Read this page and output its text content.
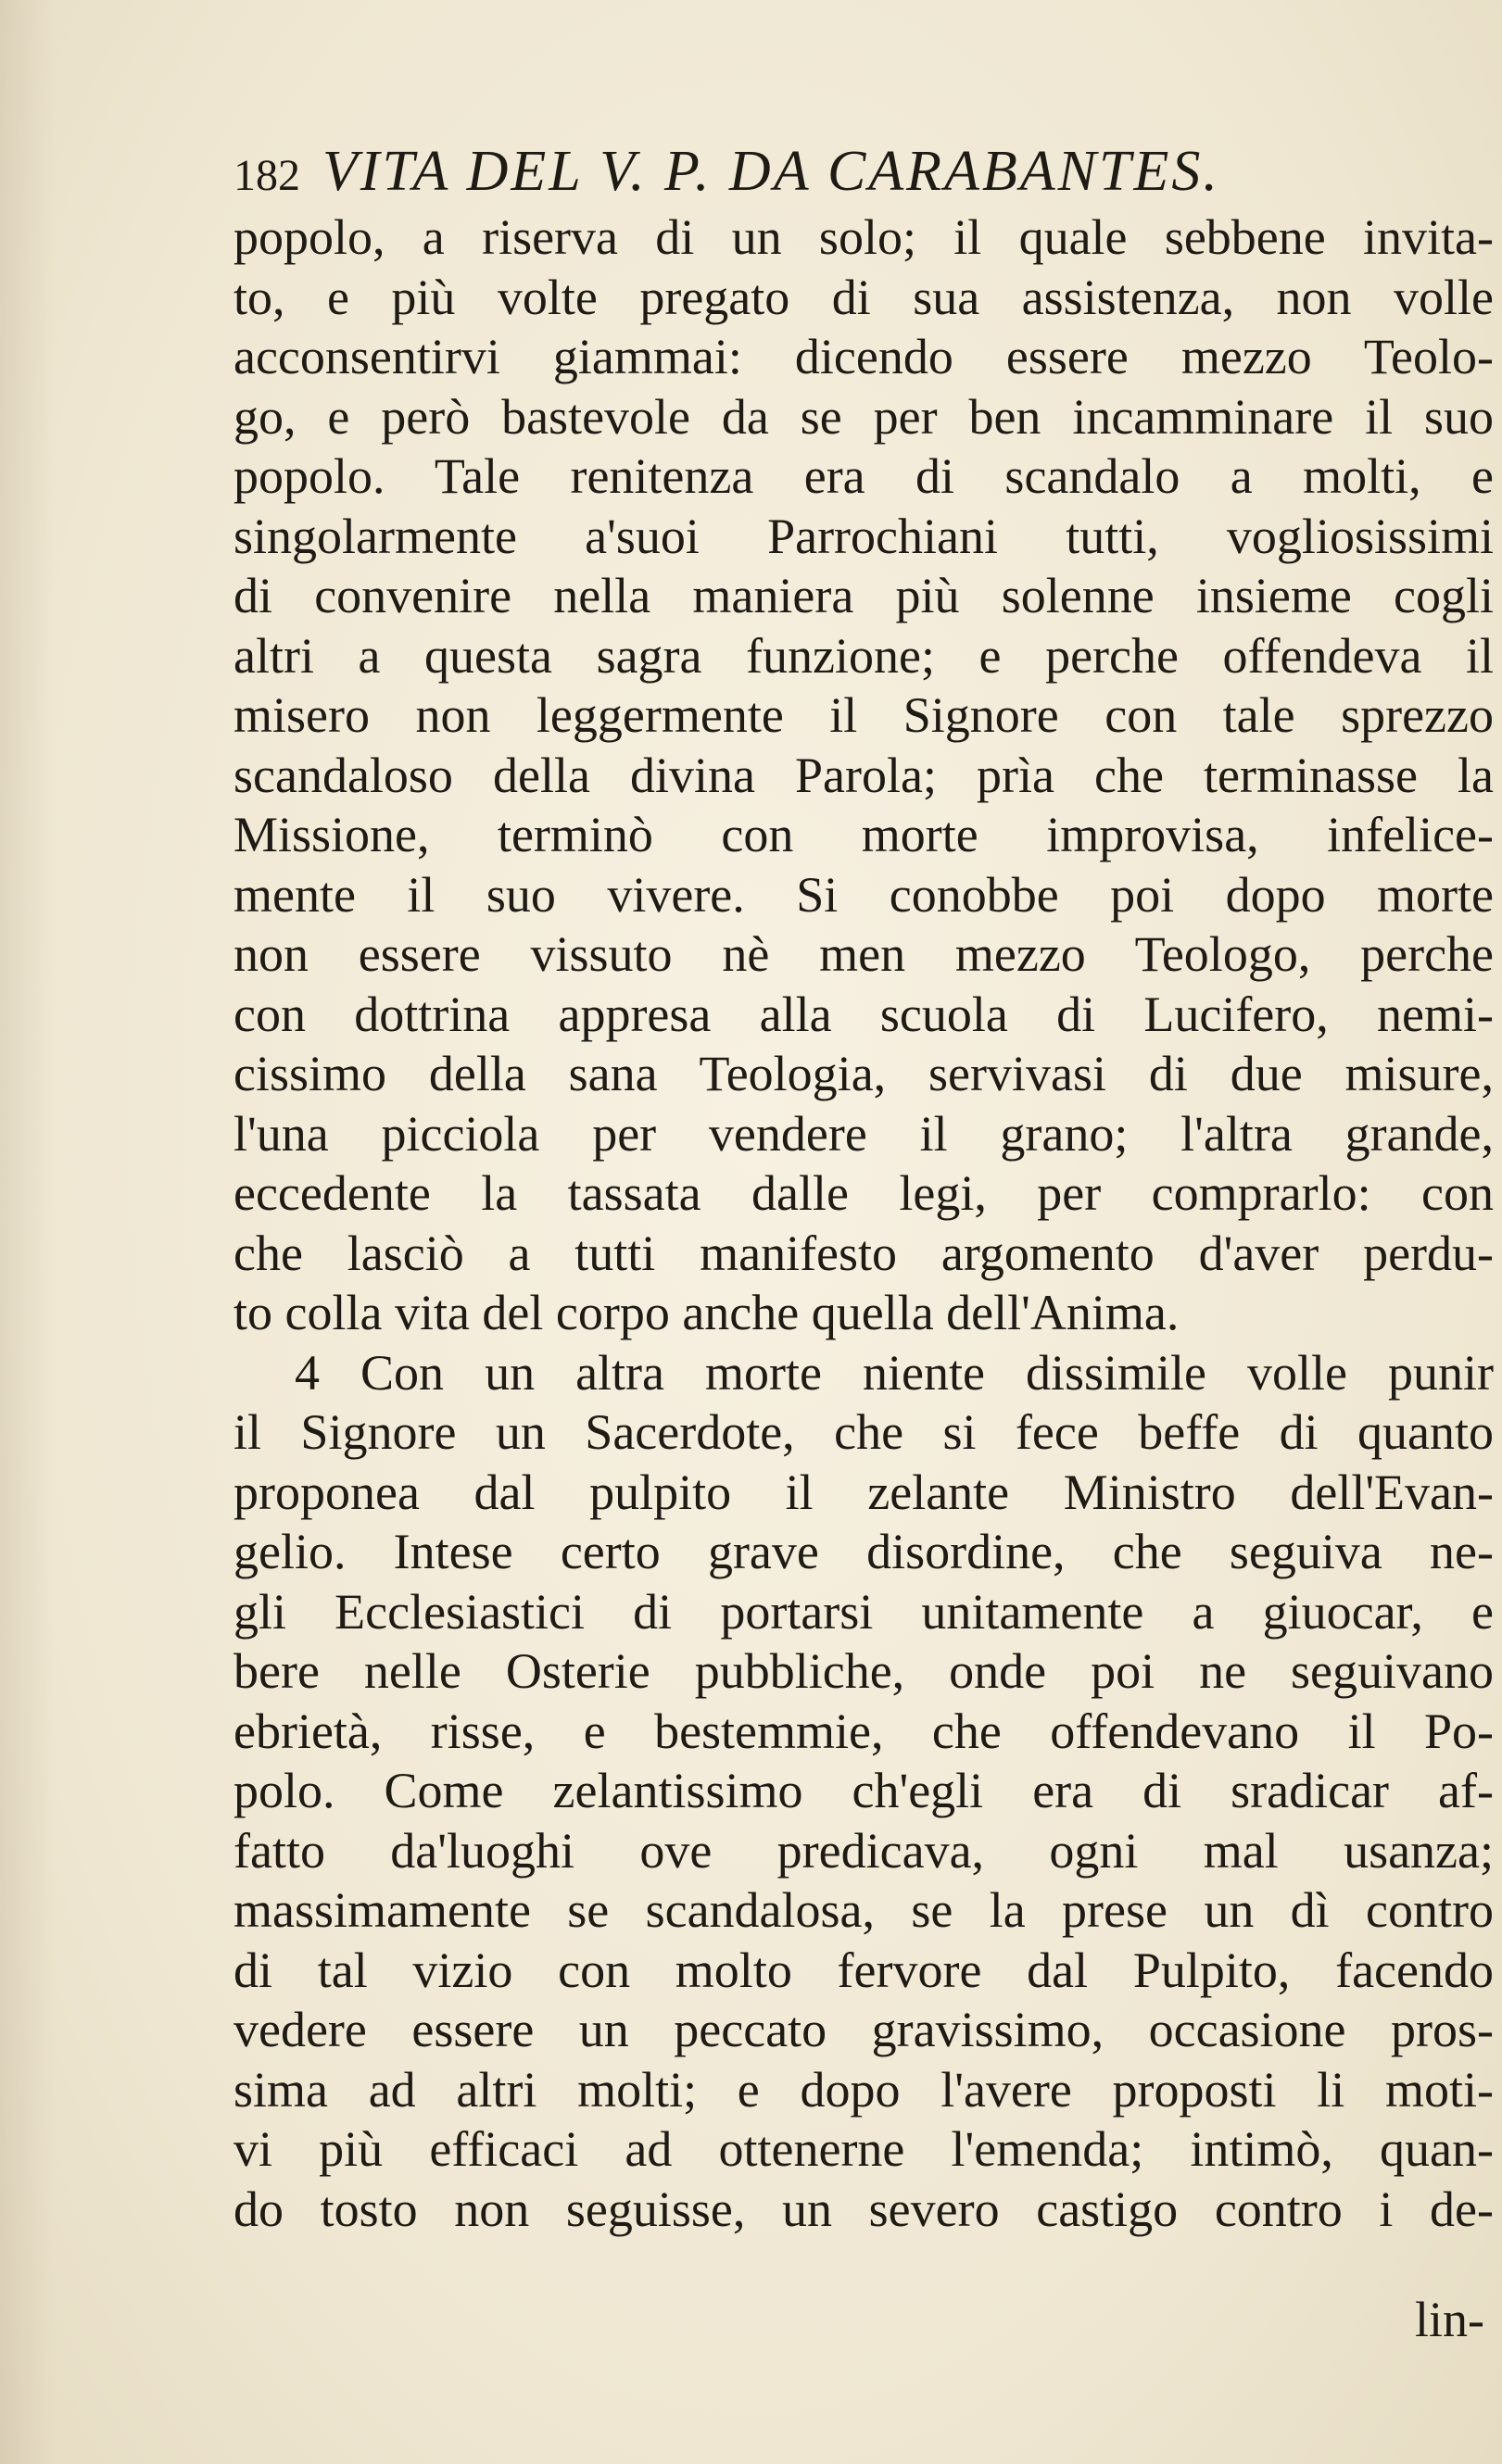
182 VITA DEL V. P. DA CARABANTES.
popolo, a riserva di un solo; il quale sebbene invita-
to, e più volte pregato di sua assistenza, non volle
acconsentirvi giammai: dicendo essere mezzo Teolo-
go, e però bastevole da se per ben incamminare il suo
popolo. Tale renitenza era di scandalo a molti, e
singolarmente a'suoi Parrochiani tutti, vogliosissimi
di convenire nella maniera più solenne insieme cogli
altri a questa sagra funzione; e perche offendeva il
misero non leggermente il Signore con tale sprezzo
scandaloso della divina Parola; prìa che terminasse la
Missione, terminò con morte improvisa, infelice-
mente il suo vivere. Si conobbe poi dopo morte
non essere vissuto nè men mezzo Teologo, perche
con dottrina appresa alla scuola di Lucifero, nemi-
cissimo della sana Teologia, servivasi di due misure,
l'una picciola per vendere il grano; l'altra grande,
eccedente la tassata dalle legi, per comprarlo: con
che lasciò a tutti manifesto argomento d'aver perdu-
to colla vita del corpo anche quella dell'Anima.
4 Con un altra morte niente dissimile volle punir
il Signore un Sacerdote, che si fece beffe di quanto
proponea dal pulpito il zelante Ministro dell'Evan-
gelio. Intese certo grave disordine, che seguiva ne-
gli Ecclesiastici di portarsi unitamente a giuocar, e
bere nelle Osterie pubbliche, onde poi ne seguivano
ebrietà, risse, e bestemmie, che offendevano il Po-
polo. Come zelantissimo ch'egli era di sradicar af-
fatto da'luoghi ove predicava, ogni mal usanza;
massimamente se scandalosa, se la prese un dì contro
di tal vizio con molto fervore dal Pulpito, facendo
vedere essere un peccato gravissimo, occasione pros-
sima ad altri molti; e dopo l'avere proposti li moti-
vi più efficaci ad ottenerne l'emenda; intimò, quan-
do tosto non seguisse, un severo castigo contro i de-
lin-
